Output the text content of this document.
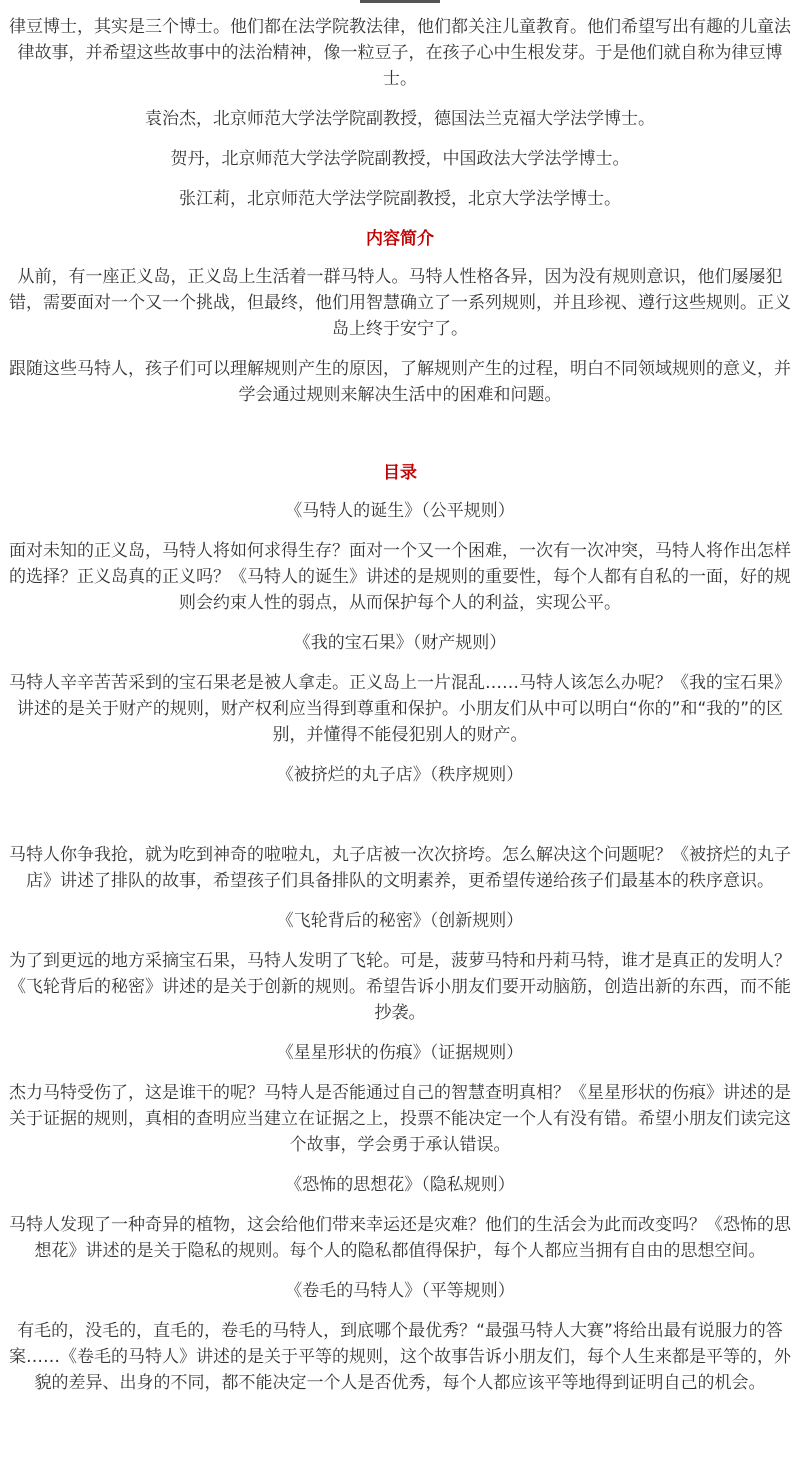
律豆博士，其实是三个博士。他们都在法学院教法律，他们都关注儿童教育。他们希望写出有趣的儿童法律故事，并希望这些故事中的法治精神，像一粒豆子，在孩子心中生根发芽。于是他们就自称为律豆博士。

袁治杰，北京师范大学法学院副教授，德国法兰克福大学法学博士。

贺丹，北京师范大学法学院副教授，中国政法大学法学博士。

张江莉，北京师范大学法学院副教授，北京大学法学博士。

内容简介

从前，有一座正义岛，正义岛上生活着一群马特人。马特人性格各异，因为没有规则意识，他们屡屡犯错，需要面对一个又一个挑战，但最终，他们用智慧确立了一系列规则，并且珍视、遵行这些规则。正义岛上终于安宁了。

跟随这些马特人，孩子们可以理解规则产生的原因，了解规则产生的过程，明白不同领域规则的意义，并学会通过规则来解决生活中的困难和问题。

目录

《马特人的诞生》（公平规则）

面对未知的正义岛，马特人将如何求得生存？面对一个又一个困难，一次有一次冲突，马特人将作出怎样的选择？正义岛真的正义吗？《马特人的诞生》讲述的是规则的重要性，每个人都有自私的一面，好的规则会约束人性的弱点，从而保护每个人的利益，实现公平。

《我的宝石果》（财产规则）

马特人辛辛苦苦采到的宝石果老是被人拿走。正义岛上一片混乱……马特人该怎么办呢？《我的宝石果》讲述的是关于财产的规则，财产权利应当得到尊重和保护。小朋友们从中可以明白“你的”和“我的”的区别，并懂得不能侵犯别人的财产。

《被挤烂的丸子店》（秩序规则）

马特人你争我抢，就为吃到神奇的啦啦丸，丸子店被一次次挤垮。怎么解决这个问题呢？《被挤烂的丸子店》讲述了排队的故事，希望孩子们具备排队的文明素养，更希望传递给孩子们最基本的秩序意识。

《飞轮背后的秘密》（创新规则）

为了到更远的地方采摘宝石果，马特人发明了飞轮。可是，菠萝马特和丹莉马特，谁才是真正的发明人？《飞轮背后的秘密》讲述的是关于创新的规则。希望告诉小朋友们要开动脑筋，创造出新的东西，而不能抄袭。

《星星形状的伤痕》（证据规则）

杰力马特受伤了，这是谁干的呢？马特人是否能通过自己的智慧查明真相？《星星形状的伤痕》讲述的是关于证据的规则，真相的查明应当建立在证据之上，投票不能决定一个人有没有错。希望小朋友们读完这个故事，学会勇于承认错误。

《恐怖的思想花》（隐私规则）

马特人发现了一种奇异的植物，这会给他们带来幸运还是灾难？他们的生活会为此而改变吗？《恐怖的思想花》讲述的是关于隐私的规则。每个人的隐私都值得保护，每个人都应当拥有自由的思想空间。

《卷毛的马特人》（平等规则）

有毛的，没毛的，直毛的，卷毛的马特人，到底哪个最优秀？“最强马特人大赛”将给出最有说服力的答案……《卷毛的马特人》讲述的是关于平等的规则，这个故事告诉小朋友们，每个人生来都是平等的，外貌的差异、出身的不同，都不能决定一个人是否优秀，每个人都应该平等地得到证明自己的机会。
